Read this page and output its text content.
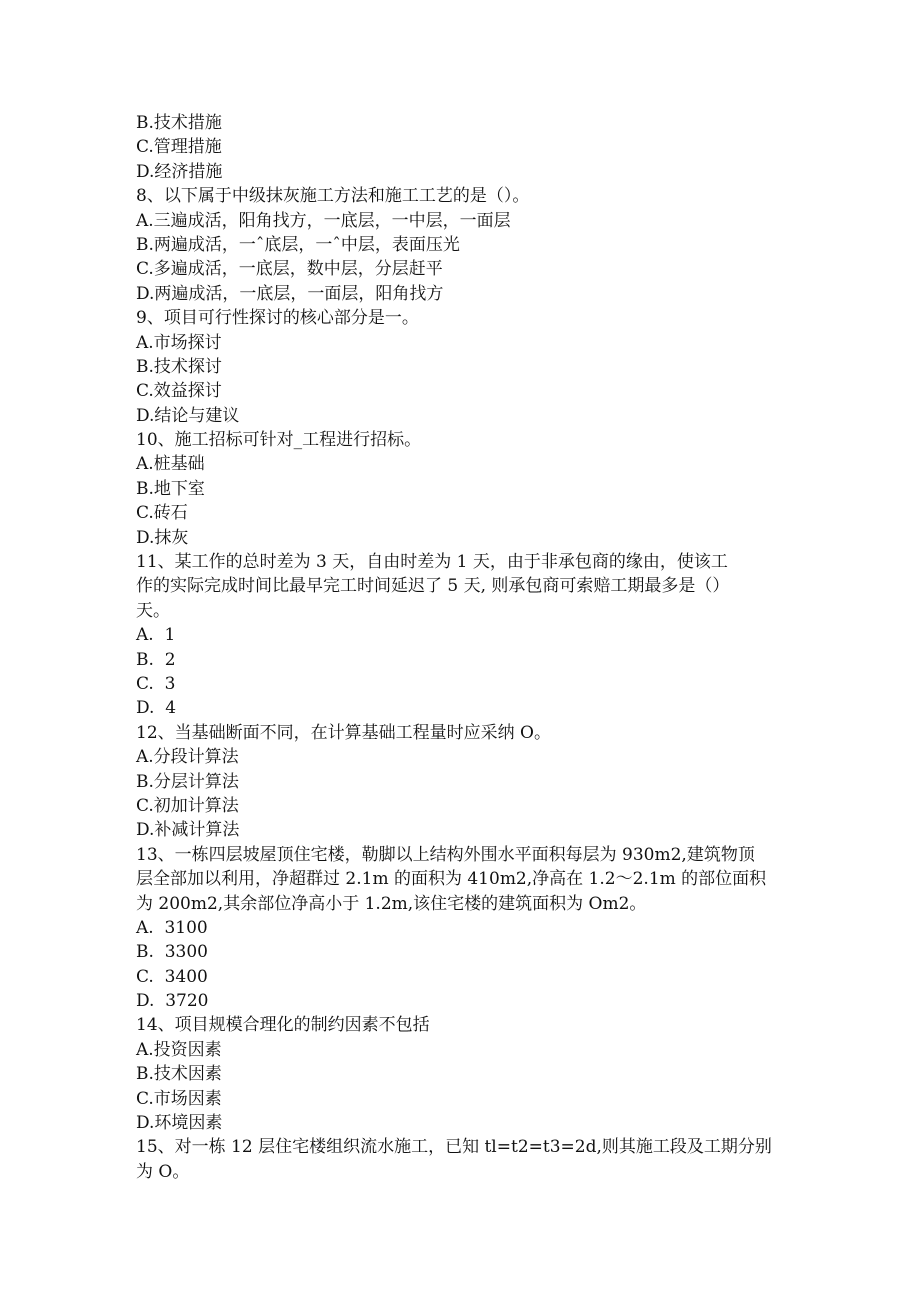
B.技术措施
C.管理措施
D.经济措施
8、以下属于中级抹灰施工方法和施工工艺的是（）。
A.三遍成活，阳角找方，一底层，一中层，一面层
B.两遍成活，一ˆ底层，一ˆ中层，表面压光
C.多遍成活，一底层，数中层，分层赶平
D.两遍成活，一底层，一面层，阳角找方
9、项目可行性探讨的核心部分是一。
A.市场探讨
B.技术探讨
C.效益探讨
D.结论与建议
10、施工招标可针对_工程进行招标。
A.桩基础
B.地下室
C.砖石
D.抹灰
11、某工作的总时差为 3 天，自由时差为 1 天，由于非承包商的缘由，使该工
作的实际完成时间比最早完工时间延迟了 5 天, 则承包商可索赔工期最多是（）
天。
A.  1
B.  2
C.  3
D.  4
12、当基础断面不同，在计算基础工程量时应采纳 O。
A.分段计算法
B.分层计算法
C.初加计算法
D.补减计算法
13、一栋四层坡屋顶住宅楼，勒脚以上结构外围水平面积每层为 930m2,建筑物顶
层全部加以利用，净超群过 2.1m 的面积为 410m2,净高在 1.2～2.1m 的部位面积
为 200m2,其余部位净高小于 1.2m,该住宅楼的建筑面积为 Om2。
A.  3100
B.  3300
C.  3400
D.  3720
14、项目规模合理化的制约因素不包括
A.投资因素
B.技术因素
C.市场因素
D.环境因素
15、对一栋 12 层住宅楼组织流水施工，已知 tl=t2=t3=2d,则其施工段及工期分别
为 O。
